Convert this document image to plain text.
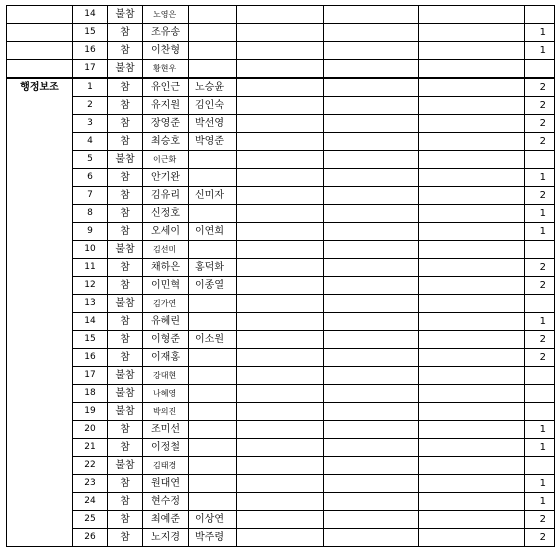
	14	불참	노영은					
	15	참	조유송					1
	16	참	이찬형					1
	17	불참	황현우					
행정보조	1	참	유인근	노승윤				2
	2	참	유지원	김인숙				2
	3	참	장영준	박선영				2
	4	참	최승호	박영준				2
	5	불참	이근화					
	6	참	안기완					1
	7	참	김유리	신미자				2
	8	참	신정호					1
	9	참	오세이	이연희				1
	10	불참	김선미					
	11	참	채하은	홍덕화				2
	12	참	이민혁	이종열				2
	13	불참	김가연					
	14	참	유혜린					1
	15	참	이형준	이소원				2
	16	참	이재홍					2
	17	불참	강대현					
	18	불참	나혜영					
	19	불참	박의진					
	20	참	조미선					1
	21	참	이정철					1
	22	불참	김태경					
	23	참	원대연					1
	24	참	현수정					1
	25	참	최예준	이상연				2
	26	참	노지경	박주령				2
